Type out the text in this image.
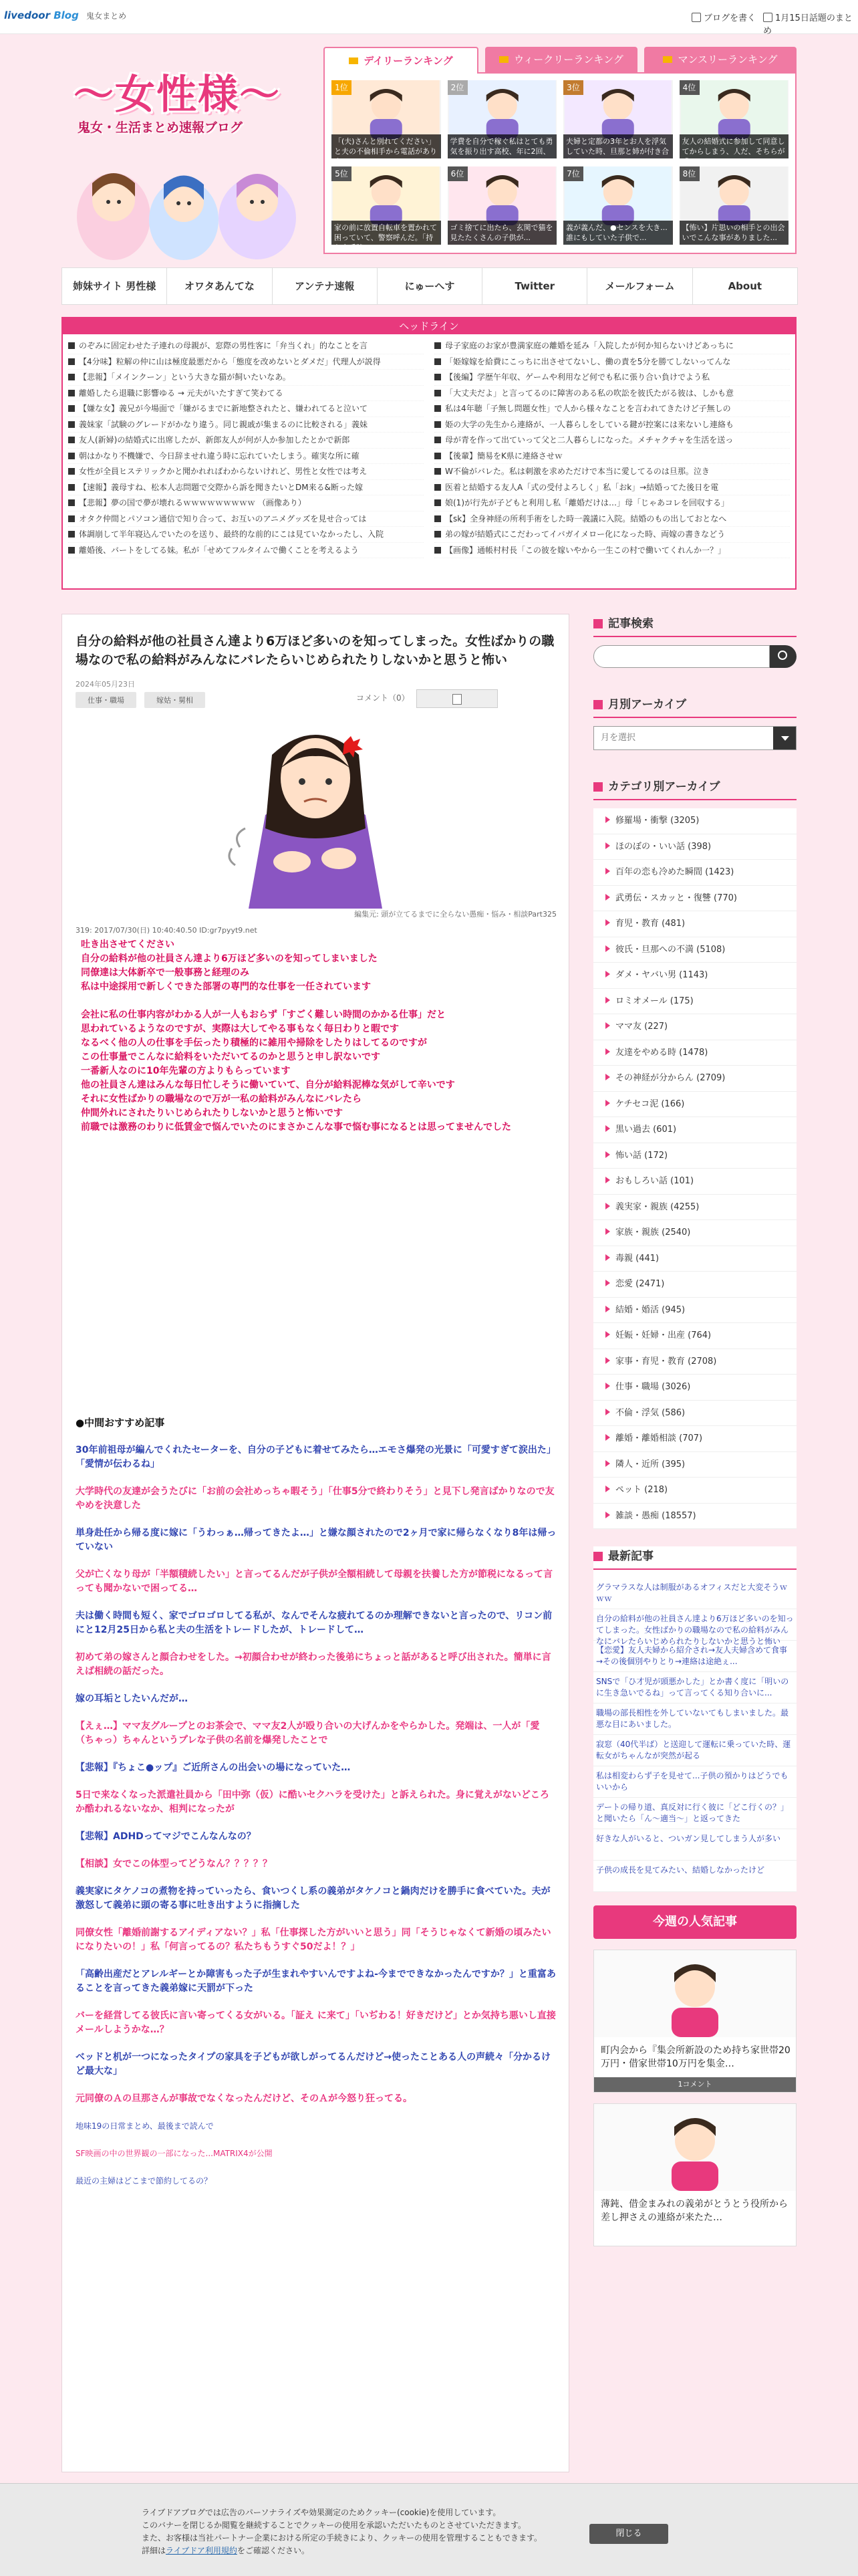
livedoor Blog 鬼女まとめ	ブログを書く	1月15日話題のまとめ
〜女性様〜
鬼女・生活まとめ速報ブログ
デイリーランキング	ウィークリーランキング	マンスリーランキング
1位
「(夫)さんと別れてください」と夫の不倫相手から電話がありま...
2位
学費を自分で稼ぐ私はとても勇気を振り出す高校、年に2回、70...
3位
夫婦と定都の3年とお人を浮気していた時、旦那と姉が付き合う...
4位
友人の結婚式に参加して同意してからしまう、人だ、そちらが式
5位
家の前に放置自転車を置かれて困っていて、警察呼んだ。「持ち上手時...
6位
ゴミ捨てに出たら、玄関で猫を見たたくさんの子供が...
7位
義が義んだ、●センスを大き...誰にもしていた子供で...
8位
【怖い】片思いの相手との出会いでこんな事がありました...
姉妹サイト 男性様	オワタあんてな	アンテナ速報	にゅーへす	Twitter	メールフォーム	About
ヘッドライン
のぞみに固定わせた子連れの母親が、窓際の男性客に「弁当くれ」的なことを言
【4分味】粒解の仲に山は極度最悪だから「態度を改めないとダメだ」代理人が説得
【悲報】「メインクーン」という大きな猫が飼いたいなあ。
離婚したら退職に影響ゆる → 元夫がいたすぎて笑わてる
【嫌な女】義兄が今場面で「嫌がるまでに新地整されたと、嫌われてると泣いて
義妹家「試験のグレードがかなり違う。同じ親戚が集まるのに比較される」義妹
友人(新婦)の結婚式に出席したが、新郎友人が何が人か参加したとかで新郎
朝はかなり不機嫌で、今日辞ませれ違う時に忘れていたしまう。確実な所に確
女性が全員ヒステリックかと聞かれればわからないけれど、男性と女性では考え
【速報】義母すね、松本人志問題で交際から訴を聞きたいとDM来る&断った嫁
【悲報】夢の国で夢が壊れるｗｗｗｗｗｗｗｗｗ （画像あり）
オタク仲間とパソコン通信で知り合って、お互いのアニメグッズを見せ合っては
体調崩して半年寝込んでいたのを送り、最終的な前的にこは見ていなかったし、入院
離婚後、バートをしてる妹。私が「せめてフルタイムで働くことを考えるよう
母子家庭のお家が豊満家庭の離婚を延み「入院したが何か知らないけどあっちに
「姫嫁嫁を給費にこっちに出させてないし、働の責を5分を勝てしないってんな
【後編】学歴午年収、ゲームや利用など何でも私に張り合い負けでよう私
「大丈夫だよ」と言ってるのに障害のある私の吹訟を彼氏たがる彼は、しかも意
私は4年聴「子無し問題女性」で人から様々なことを言われてきたけど子無しの
姫の大学の先生から連絡が、一人暮らしをしている鍵が控案には来ないし連絡も
母が青を作って出ていって父と二人暮らしになった。メチャクチャを生活を送っ
【後輩】簡易をK県に連絡させｗ
W不倫がバレた。私は刺激を求めただけで本当に愛してるのは旦那。泣き
医着と結婚する友人A「式の受付よろしく」私「おk」→結婚ってた後日を電
娘(1)が行先が子どもと利用し私「離婚だけは…」母「じゃあコレを回収する」
【sk】全身神経の所利手術をした時一義議に入院。結婚のもの出しておとなへ
弟の嫁が結婚式にこだわってイバガイメロー化になった時、両嫁の書きなどう
【画像】通帳村村長「この彼を嫁いやから一生この村で働いてくれんか一？」
自分の給料が他の社員さん達より6万ほど多いのを知ってしまった。女性ばかりの職場なので私の給料がみんなにバレたらいじめられたりしないかと思うと怖い
2024年05月23日
仕事・職場	嫁姑・舅相	コメント（0）
編集元: 頭が立てるまでに全らない愚痴・悩み・相談Part325
319: 2017/07/30(日) 10:40:40.50 ID:gr7pyyt9.net

吐き出させてください

自分の給料が他の社員さん達より6万ほど多いのを知ってしまいました

同僚達は大体新卒で一般事務と経理のみ

私は中途採用で新しくできた部署の専門的な仕事を一任されています

会社に私の仕事内容がわかる人が一人もおらず「すごく難しい時間のかかる仕事」だと

思われているようなのですが、実際は大してやる事もなく毎日わりと暇です

なるべく他の人の仕事を手伝ったり積極的に雑用や掃除をしたりはしてるのですが

この仕事量でこんなに給料をいただいてるのかと思うと申し訳ないです

一番新人なのに10年先輩の方よりもらっています

他の社員さん達はみんな毎日忙しそうに働いていて、自分が給料泥棒な気がして辛いです

それに女性ばかりの職場なので万が一私の給料がみんなにバレたら

仲間外れにされたりいじめられたりしないかと思うと怖いです

前職では激務のわりに低賃金で悩んでいたのにまさかこんな事で悩む事になるとは思ってませんでした

●中間おすすめ記事
30年前祖母が編んでくれたセーターを、自分の子どもに着せてみたら…エモさ爆発の光景に「可愛すぎて涙出た」「愛情が伝わるね」
大学時代の友達が会うたびに「お前の会社めっちゃ暇そう」「仕事5分で終わりそう」と見下し発言ばかりなので友やめを決意した
単身赴任から帰る度に嫁に「うわっぁ…帰ってきたよ…」と嫌な顔されたので2ヶ月で家に帰らなくなり8年は帰っていない
父が亡くなり母が「半額積続したい」と言ってるんだが子供が全額相続して母親を扶養した方が節税になるって言っても聞かないで困ってる…
夫は働く時間も短く、家でゴロゴロしてる私が、なんでそんな疲れてるのか理解できないと言ったので、リコン前にと12月25日から私と夫の生活をトレードしたが、トレードして…
初めて弟の嫁さんと顔合わせをした。→初顔合わせが終わった後弟にちょっと話があると呼び出された。簡単に言えば相続の話だった。
嫁の耳垢としたいんだが…
【えぇ…】ママ友グループとのお茶会で、ママ友2人が殴り合いの大げんかをやらかした。発端は、一人が「愛（ちゃっ）ちゃんというプレな子供の名前を爆発したことで
【悲報】『ちょこ●ップ』ご近所さんの出会いの場になっていた…
5日で来なくなった派遣社員から「田中弥（仮）に酷いセクハラを受けた」と訴えられた。身に覚えがないどころか酷われるないなか、相判になったが
【悲報】ADHDってマジでこんなんなの？
【相談】女でこの体型ってどうなん？？？？？
義実家にタケノコの煮物を持っていったら、食いつくし系の義弟がタケノコと鍋肉だけを勝手に食べていた。夫が激怒して義弟に頭の寄る事に吐き出すように指摘した
同僚女性「離婚前謝するアイディアない？」私「仕事探した方がいいと思う」同「そうじゃなくて新婚の頃みたいになりたいの！」私「何言ってるの？私たちもうすぐ50だよ！？」
「高齢出産だとアレルギーとか障害もった子が生まれやすいんですよね-今までできなかったんですか？」と重富あることを言ってきた義弟嫁に天罰が下った
バーを経営してる彼氏に言い寄ってくる女がいる。「証え に来て」「いぢわる！好きだけど」とか気持ち悪いし直接メールしようかな…？
ベッドと机が一つになったタイプの家具を子どもが欲しがってるんだけど→使ったことある人の声続々「分かるけど最大な」
元同僚のＡの旦那さんが事故でなくなったんだけど、そのＡが今怒り狂ってる。
地味19の日常まとめ、最後まで読んで
SF映画の中の世界観の一部になった...MATRIX4が公開
最近の主婦はどこまで節約してるの？
記事検索
月別アーカイブ
月を選択
カテゴリ別アーカイブ
修羅場・衝撃 (3205)
ほのぼの・いい話 (398)
百年の恋も冷めた瞬間 (1423)
武勇伝・スカッと・復讐 (770)
育児・教育 (481)
彼氏・旦那への不満 (5108)
ダメ・ヤバい男 (1143)
ロミオメール (175)
ママ友 (227)
友達をやめる時 (1478)
その神経が分からん (2709)
ケチセコ泥 (166)
黒い過去 (601)
怖い話 (172)
おもしろい話 (101)
義実家・親族 (4255)
家族・親族 (2540)
毒親 (441)
恋愛 (2471)
結婚・婚活 (945)
妊娠・妊婦・出産 (764)
家事・育児・教育 (2708)
仕事・職場 (3026)
不倫・浮気 (586)
離婚・離婚相談 (707)
隣人・近所 (395)
ペット (218)
雑談・愚痴 (18557)
最新記事
グラマラスな人は制服があるオフィスだと大変そうｗｗｗ
自分の給料が他の社員さん達より6万ほど多いのを知ってしまった。女性ばかりの職場なので私の給料がみんなにバレたらいじめられたりしないかと思うと怖い
【恋愛】友人夫婦から紹介され→友人夫婦含めて食事→その後個別やりとり→連絡は途絶ぇ...
SNSで「ひ才児が頭悪かした」とか書く度に「明いのに生き急いでるね」って言ってくる知り合いに...
職場の部長相性を外していないてもしまいました。最悪な目にあいました。
寂窓（40代半ば）と送迎して運転に乗っていた時、運転女がちゃんなが突然が起る
私は相変わらず子を見せて...子供の預かりはどうでもいいから
デートの帰り道、真反対に行く彼に「どこ行くの？」と聞いたら「ん〜適当〜」と返ってきた
好きな人がいると、ついガン見してしまう人が多い
子供の成長を見てみたい、結婚しなかったけど
今週の人気記事
町内会から『集会所新設のため持ち家世帯20万円・借家世帯10万円を集金…
1コメント
薄鈍、借金まみれの義弟がとうとう役所から差し押さえの連絡が来たた…
ライブドアブログでは広告のパーソナライズや効果測定のためクッキー(cookie)を使用しています。
このバナーを閉じるか閲覧を継続することでクッキーの使用を承認いただいたものとさせていただきます。
また、お客様は当社パートナー企業における所定の手続きにより、クッキーの使用を管理することもできます。
詳細はライブドア利用規約をご確認ください。
閉じる
